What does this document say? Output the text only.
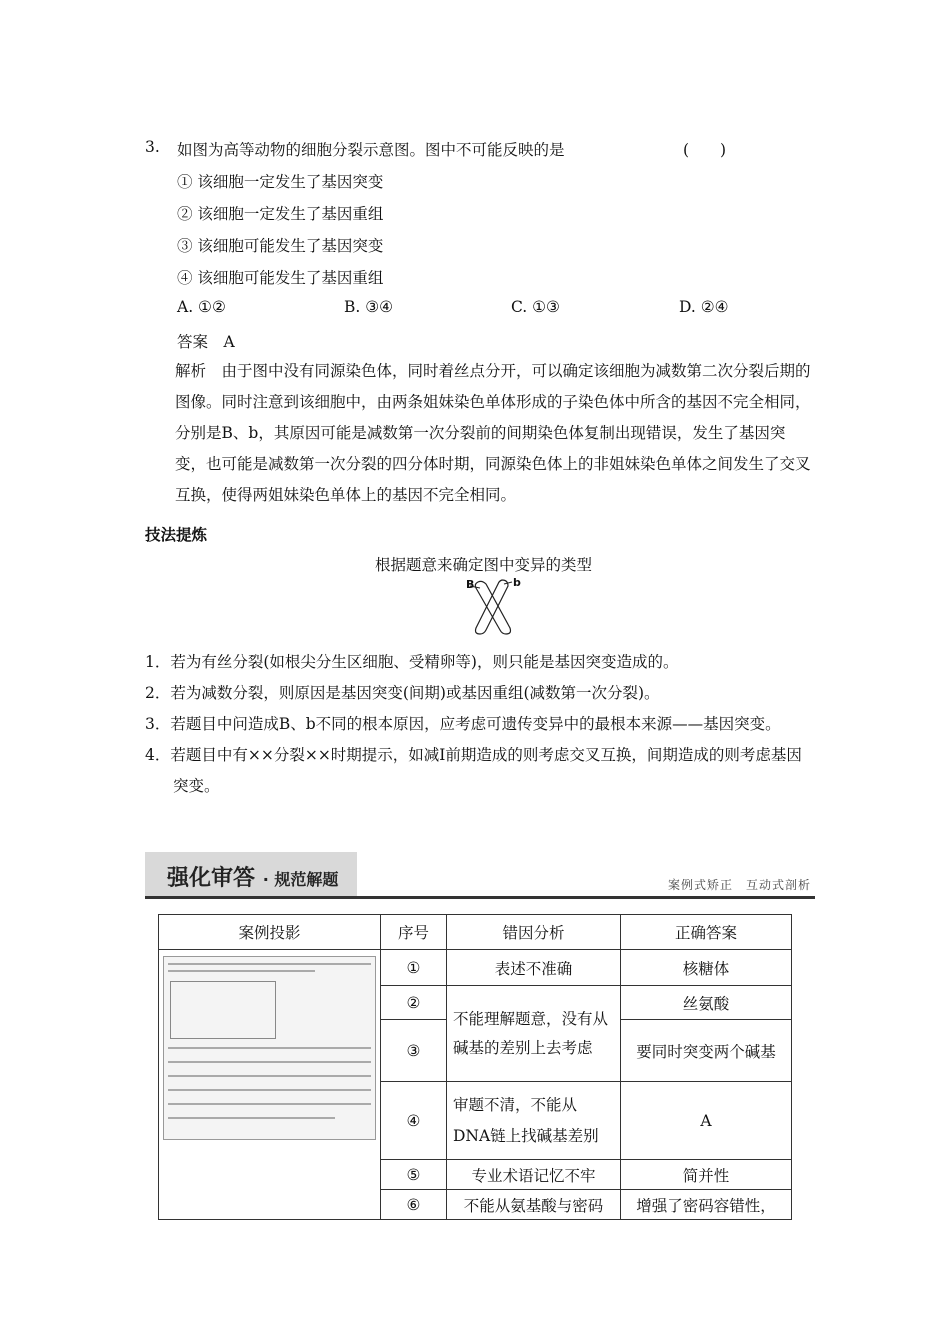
3. 如图为高等动物的细胞分裂示意图。图中不可能反映的是	(　　)
① 该细胞一定发生了基因突变
② 该细胞一定发生了基因重组
③ 该细胞可能发生了基因突变
④ 该细胞可能发生了基因重组
A. ①②	B. ③④	C. ①③	D. ②④
答案　A
解析　由于图中没有同源染色体，同时着丝点分开，可以确定该细胞为减数第二次分裂后期的图像。同时注意到该细胞中，由两条姐妹染色单体形成的子染色体中所含的基因不完全相同，分别是B、b，其原因可能是减数第一次分裂前的间期染色体复制出现错误，发生了基因突变，也可能是减数第一次分裂的四分体时期，同源染色体上的非姐妹染色单体之间发生了交叉互换，使得两姐妹染色单体上的基因不完全相同。
技法提炼
根据题意来确定图中变异的类型
B	b
1．若为有丝分裂(如根尖分生区细胞、受精卵等)，则只能是基因突变造成的。
2．若为减数分裂，则原因是基因突变(间期)或基因重组(减数第一次分裂)。
3．若题目中问造成B、b不同的根本原因，应考虑可遗传变异中的最根本来源——基因突变。
4．若题目中有××分裂××时期提示，如减Ⅰ前期造成的则考虑交叉互换，间期造成的则考虑基因突变。
强化审答 · 规范解题	案例式矫正　互动式剖析
案例投影	序号	错因分析	正确答案

	①	表述不准确	核糖体
	②	不能理解题意，没有从碱基的差别上去考虑	丝氨酸
	③		要同时突变两个碱基
	④	审题不清，不能从DNA链上找碱基差别	A
	⑤	专业术语记忆不牢	简并性
	⑥	不能从氨基酸与密码	增强了密码容错性，
